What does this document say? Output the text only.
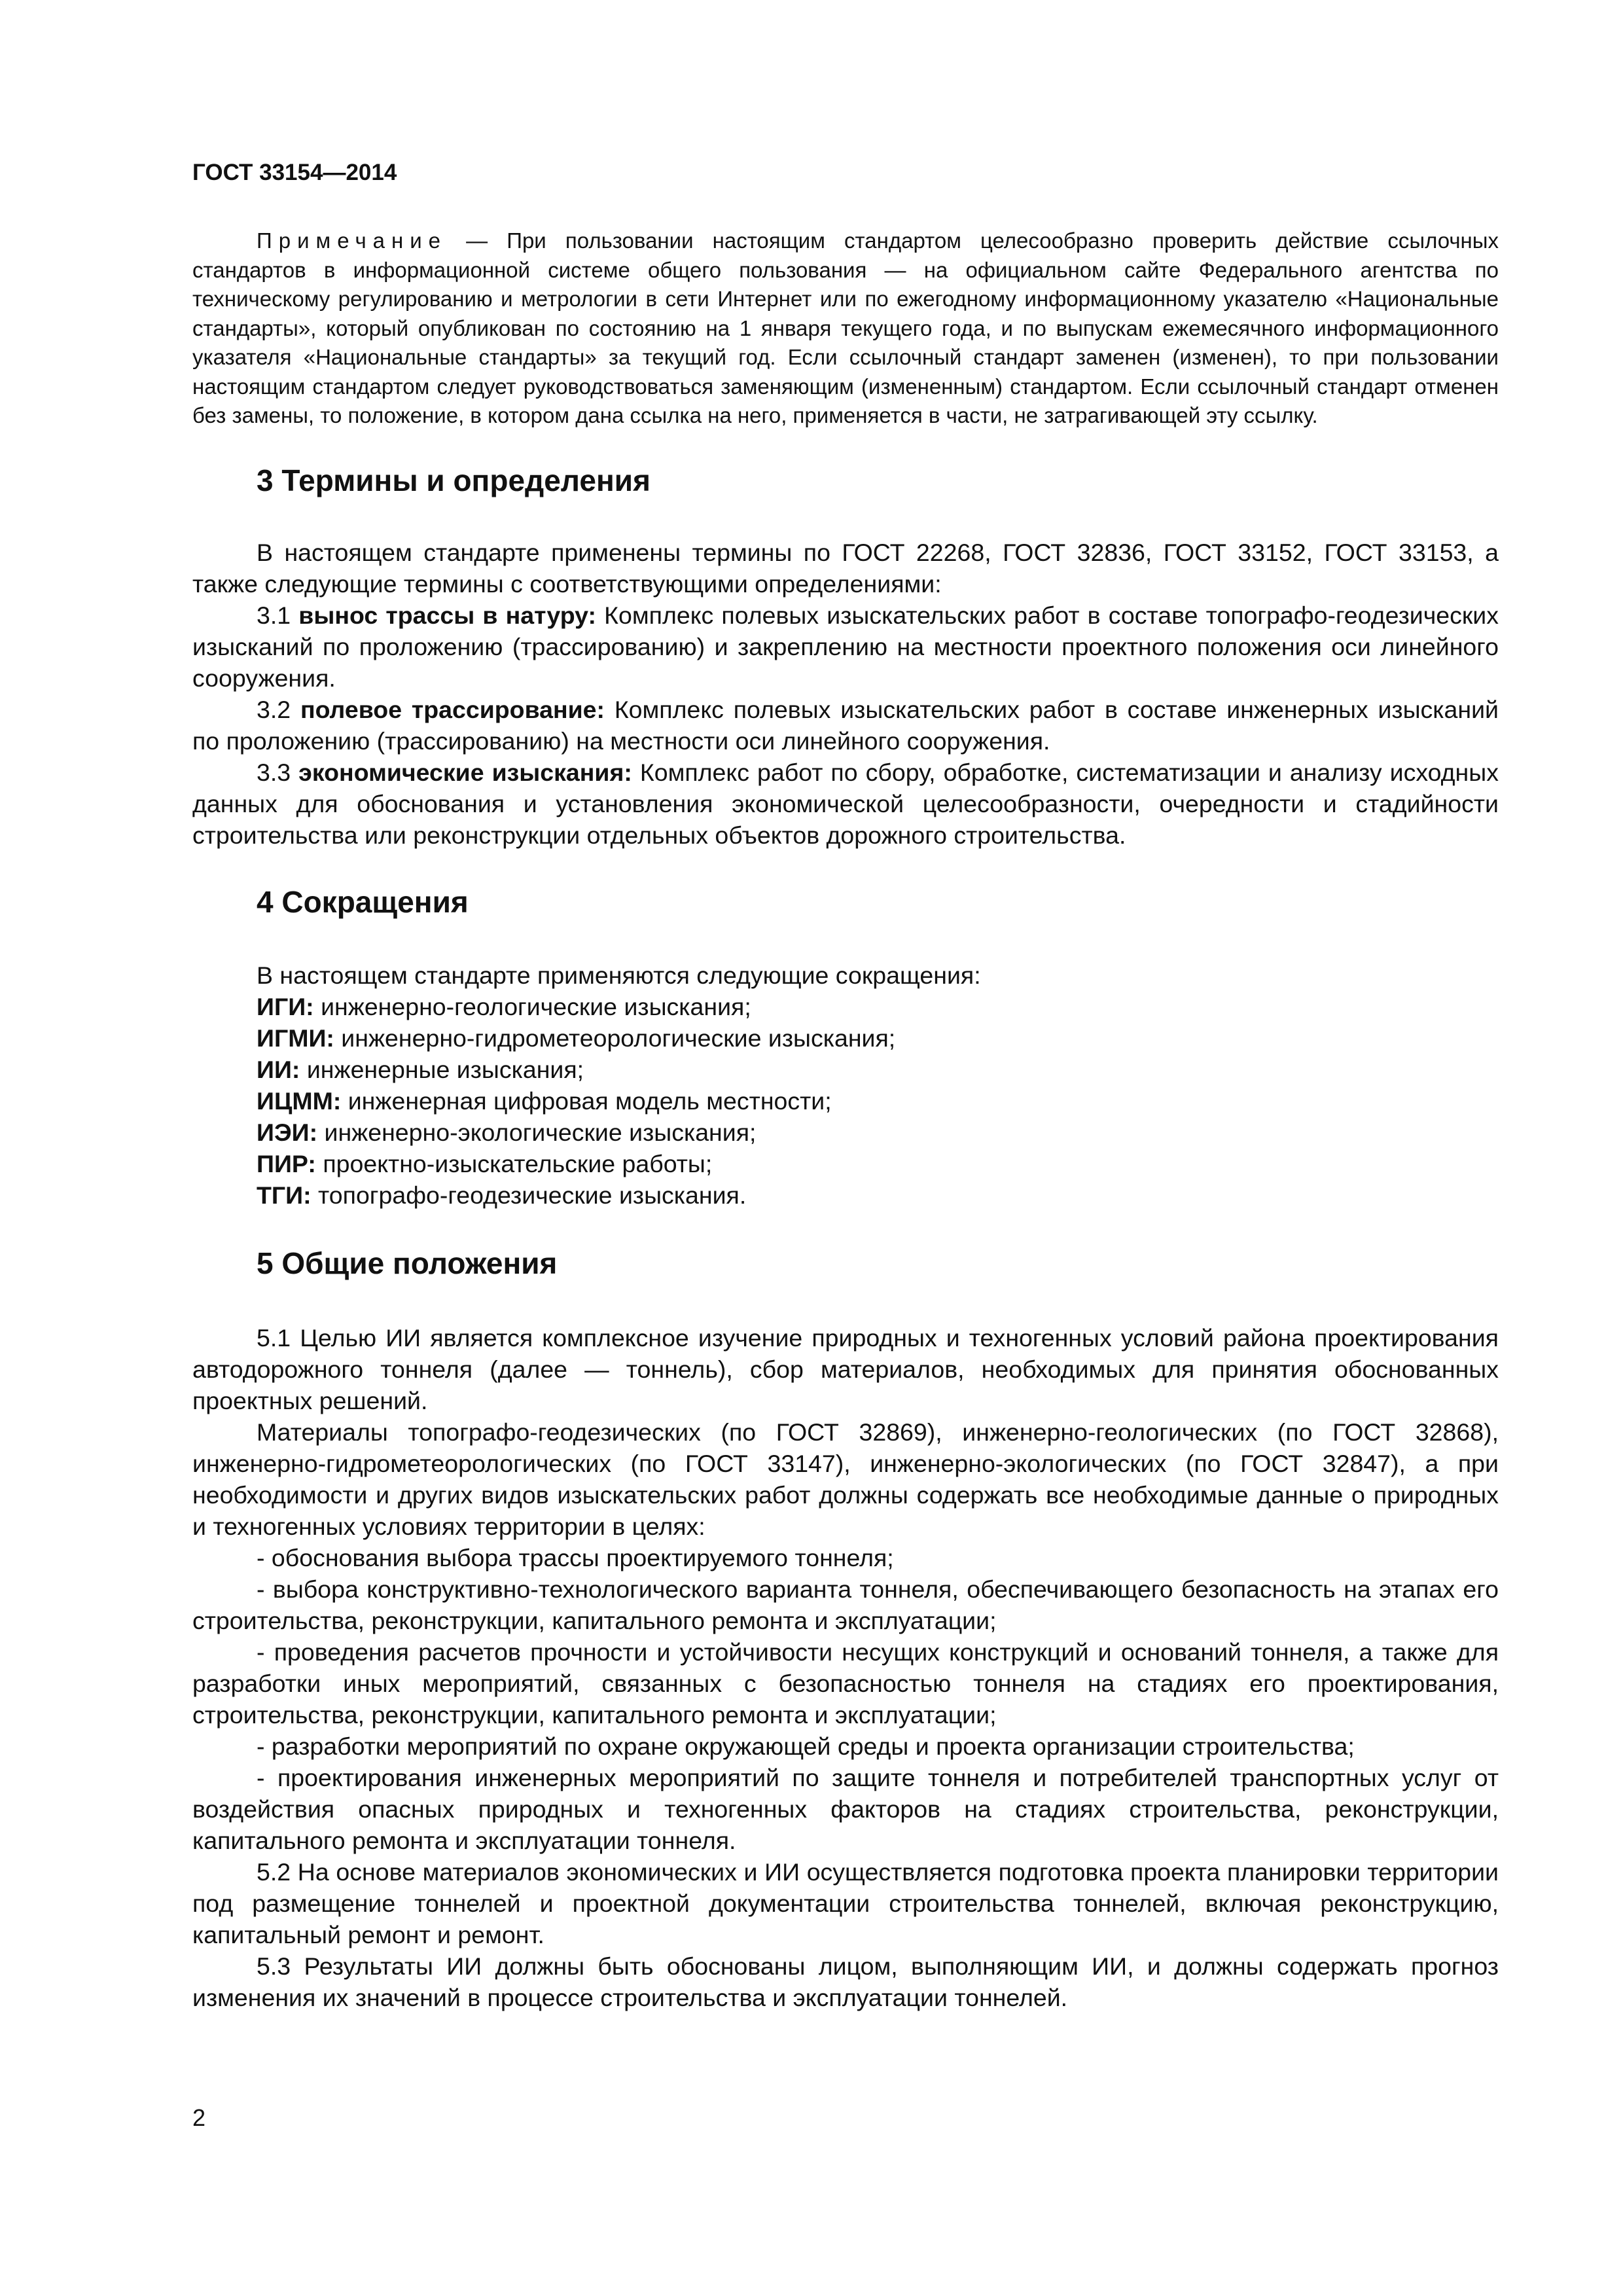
ГОСТ 33154—2014

Примечание — При пользовании настоящим стандартом целесообразно проверить действие ссылочных стандартов в информационной системе общего пользования — на официальном сайте Федерального агентства по техническому регулированию и метрологии в сети Интернет или по ежегодному информационному указателю «Национальные стандарты», который опубликован по состоянию на 1 января текущего года, и по выпускам ежемесячного информационного указателя «Национальные стандарты» за текущий год. Если ссылочный стандарт заменен (изменен), то при пользовании настоящим стандартом следует руководствоваться заменяющим (измененным) стандартом. Если ссылочный стандарт отменен без замены, то положение, в котором дана ссылка на него, применяется в части, не затрагивающей эту ссылку.

3 Термины и определения

В настоящем стандарте применены термины по ГОСТ 22268, ГОСТ 32836, ГОСТ 33152, ГОСТ 33153, а также следующие термины с соответствующими определениями:

3.1 вынос трассы в натуру: Комплекс полевых изыскательских работ в составе топографо-геодезических изысканий по проложению (трассированию) и закреплению на местности проектного положения оси линейного сооружения.

3.2 полевое трассирование: Комплекс полевых изыскательских работ в составе инженерных изысканий по проложению (трассированию) на местности оси линейного сооружения.

3.3 экономические изыскания: Комплекс работ по сбору, обработке, систематизации и анализу исходных данных для обоснования и установления экономической целесообразности, очередности и стадийности строительства или реконструкции отдельных объектов дорожного строительства.

4 Сокращения

В настоящем стандарте применяются следующие сокращения:

ИГИ: инженерно-геологические изыскания;

ИГМИ: инженерно-гидрометеорологические изыскания;

ИИ: инженерные изыскания;

ИЦММ: инженерная цифровая модель местности;

ИЭИ: инженерно-экологические изыскания;

ПИР: проектно-изыскательские работы;

ТГИ: топографо-геодезические изыскания.

5 Общие положения

5.1 Целью ИИ является комплексное изучение природных и техногенных условий района проектирования автодорожного тоннеля (далее — тоннель), сбор материалов, необходимых для принятия обоснованных проектных решений.

Материалы топографо-геодезических (по ГОСТ 32869), инженерно-геологических (по ГОСТ 32868), инженерно-гидрометеорологических (по ГОСТ 33147), инженерно-экологических (по ГОСТ 32847), а при необходимости и других видов изыскательских работ должны содержать все необходимые данные о природных и техногенных условиях территории в целях:

- обоснования выбора трассы проектируемого тоннеля;

- выбора конструктивно-технологического варианта тоннеля, обеспечивающего безопасность на этапах его строительства, реконструкции, капитального ремонта и эксплуатации;

- проведения расчетов прочности и устойчивости несущих конструкций и оснований тоннеля, а также для разработки иных мероприятий, связанных с безопасностью тоннеля на стадиях его проектирования, строительства, реконструкции, капитального ремонта и эксплуатации;

- разработки мероприятий по охране окружающей среды и проекта организации строительства;

- проектирования инженерных мероприятий по защите тоннеля и потребителей транспортных услуг от воздействия опасных природных и техногенных факторов на стадиях строительства, реконструкции, капитального ремонта и эксплуатации тоннеля.

5.2 На основе материалов экономических и ИИ осуществляется подготовка проекта планировки территории под размещение тоннелей и проектной документации строительства тоннелей, включая реконструкцию, капитальный ремонт и ремонт.

5.3 Результаты ИИ должны быть обоснованы лицом, выполняющим ИИ, и должны содержать прогноз изменения их значений в процессе строительства и эксплуатации тоннелей.

2
